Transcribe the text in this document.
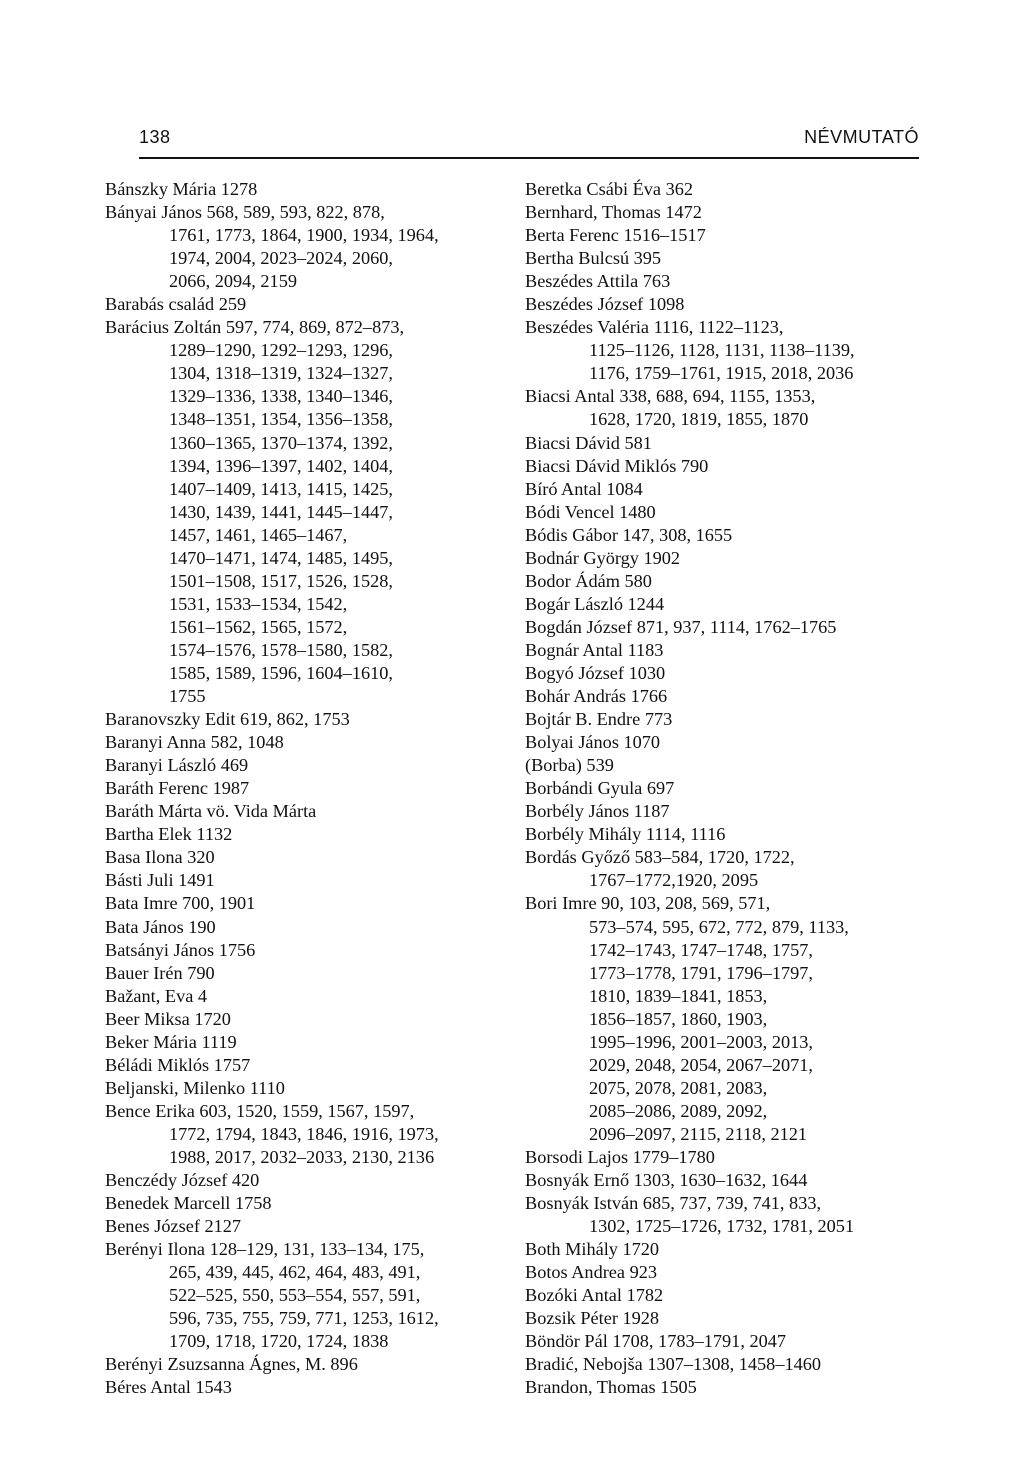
138	NÉVMUTATÓ
Bánszky Mária 1278
Bányai János 568, 589, 593, 822, 878,
1761, 1773, 1864, 1900, 1934, 1964,
1974, 2004, 2023–2024, 2060,
2066, 2094, 2159
Barabás család 259
Barácius Zoltán 597, 774, 869, 872–873,
1289–1290, 1292–1293, 1296,
1304, 1318–1319, 1324–1327,
1329–1336, 1338, 1340–1346,
1348–1351, 1354, 1356–1358,
1360–1365, 1370–1374, 1392,
1394, 1396–1397, 1402, 1404,
1407–1409, 1413, 1415, 1425,
1430, 1439, 1441, 1445–1447,
1457, 1461, 1465–1467,
1470–1471, 1474, 1485, 1495,
1501–1508, 1517, 1526, 1528,
1531, 1533–1534, 1542,
1561–1562, 1565, 1572,
1574–1576, 1578–1580, 1582,
1585, 1589, 1596, 1604–1610,
1755
Baranovszky Edit 619, 862, 1753
Baranyi Anna 582, 1048
Baranyi László 469
Baráth Ferenc 1987
Baráth Márta vö. Vida Márta
Bartha Elek 1132
Basa Ilona 320
Básti Juli 1491
Bata Imre 700, 1901
Bata János 190
Batsányi János 1756
Bauer Irén 790
Bažant, Eva 4
Beer Miksa 1720
Beker Mária 1119
Béládi Miklós 1757
Beljanski, Milenko 1110
Bence Erika 603, 1520, 1559, 1567, 1597,
1772, 1794, 1843, 1846, 1916, 1973,
1988, 2017, 2032–2033, 2130, 2136
Benczédy József 420
Benedek Marcell 1758
Benes József 2127
Berényi Ilona 128–129, 131, 133–134, 175,
265, 439, 445, 462, 464, 483, 491,
522–525, 550, 553–554, 557, 591,
596, 735, 755, 759, 771, 1253, 1612,
1709, 1718, 1720, 1724, 1838
Berényi Zsuzsanna Ágnes, M. 896
Béres Antal 1543
Beretka Csábi Éva 362
Bernhard, Thomas 1472
Berta Ferenc 1516–1517
Bertha Bulcsú 395
Beszédes Attila 763
Beszédes József 1098
Beszédes Valéria 1116, 1122–1123,
1125–1126, 1128, 1131, 1138–1139,
1176, 1759–1761, 1915, 2018, 2036
Biacsi Antal 338, 688, 694, 1155, 1353,
1628, 1720, 1819, 1855, 1870
Biacsi Dávid 581
Biacsi Dávid Miklós 790
Bíró Antal 1084
Bódi Vencel 1480
Bódis Gábor 147, 308, 1655
Bodnár György 1902
Bodor Ádám 580
Bogár László 1244
Bogdán József 871, 937, 1114, 1762–1765
Bognár Antal 1183
Bogyó József 1030
Bohár András 1766
Bojtár B. Endre 773
Bolyai János 1070
(Borba) 539
Borbándi Gyula 697
Borbély János 1187
Borbély Mihály 1114, 1116
Bordás Győző 583–584, 1720, 1722,
1767–1772,1920, 2095
Bori Imre 90, 103, 208, 569, 571,
573–574, 595, 672, 772, 879, 1133,
1742–1743, 1747–1748, 1757,
1773–1778, 1791, 1796–1797,
1810, 1839–1841, 1853,
1856–1857, 1860, 1903,
1995–1996, 2001–2003, 2013,
2029, 2048, 2054, 2067–2071,
2075, 2078, 2081, 2083,
2085–2086, 2089, 2092,
2096–2097, 2115, 2118, 2121
Borsodi Lajos 1779–1780
Bosnyák Ernő 1303, 1630–1632, 1644
Bosnyák István 685, 737, 739, 741, 833,
1302, 1725–1726, 1732, 1781, 2051
Both Mihály 1720
Botos Andrea 923
Bozóki Antal 1782
Bozsik Péter 1928
Böndör Pál 1708, 1783–1791, 2047
Bradić, Nebojša 1307–1308, 1458–1460
Brandon, Thomas 1505
